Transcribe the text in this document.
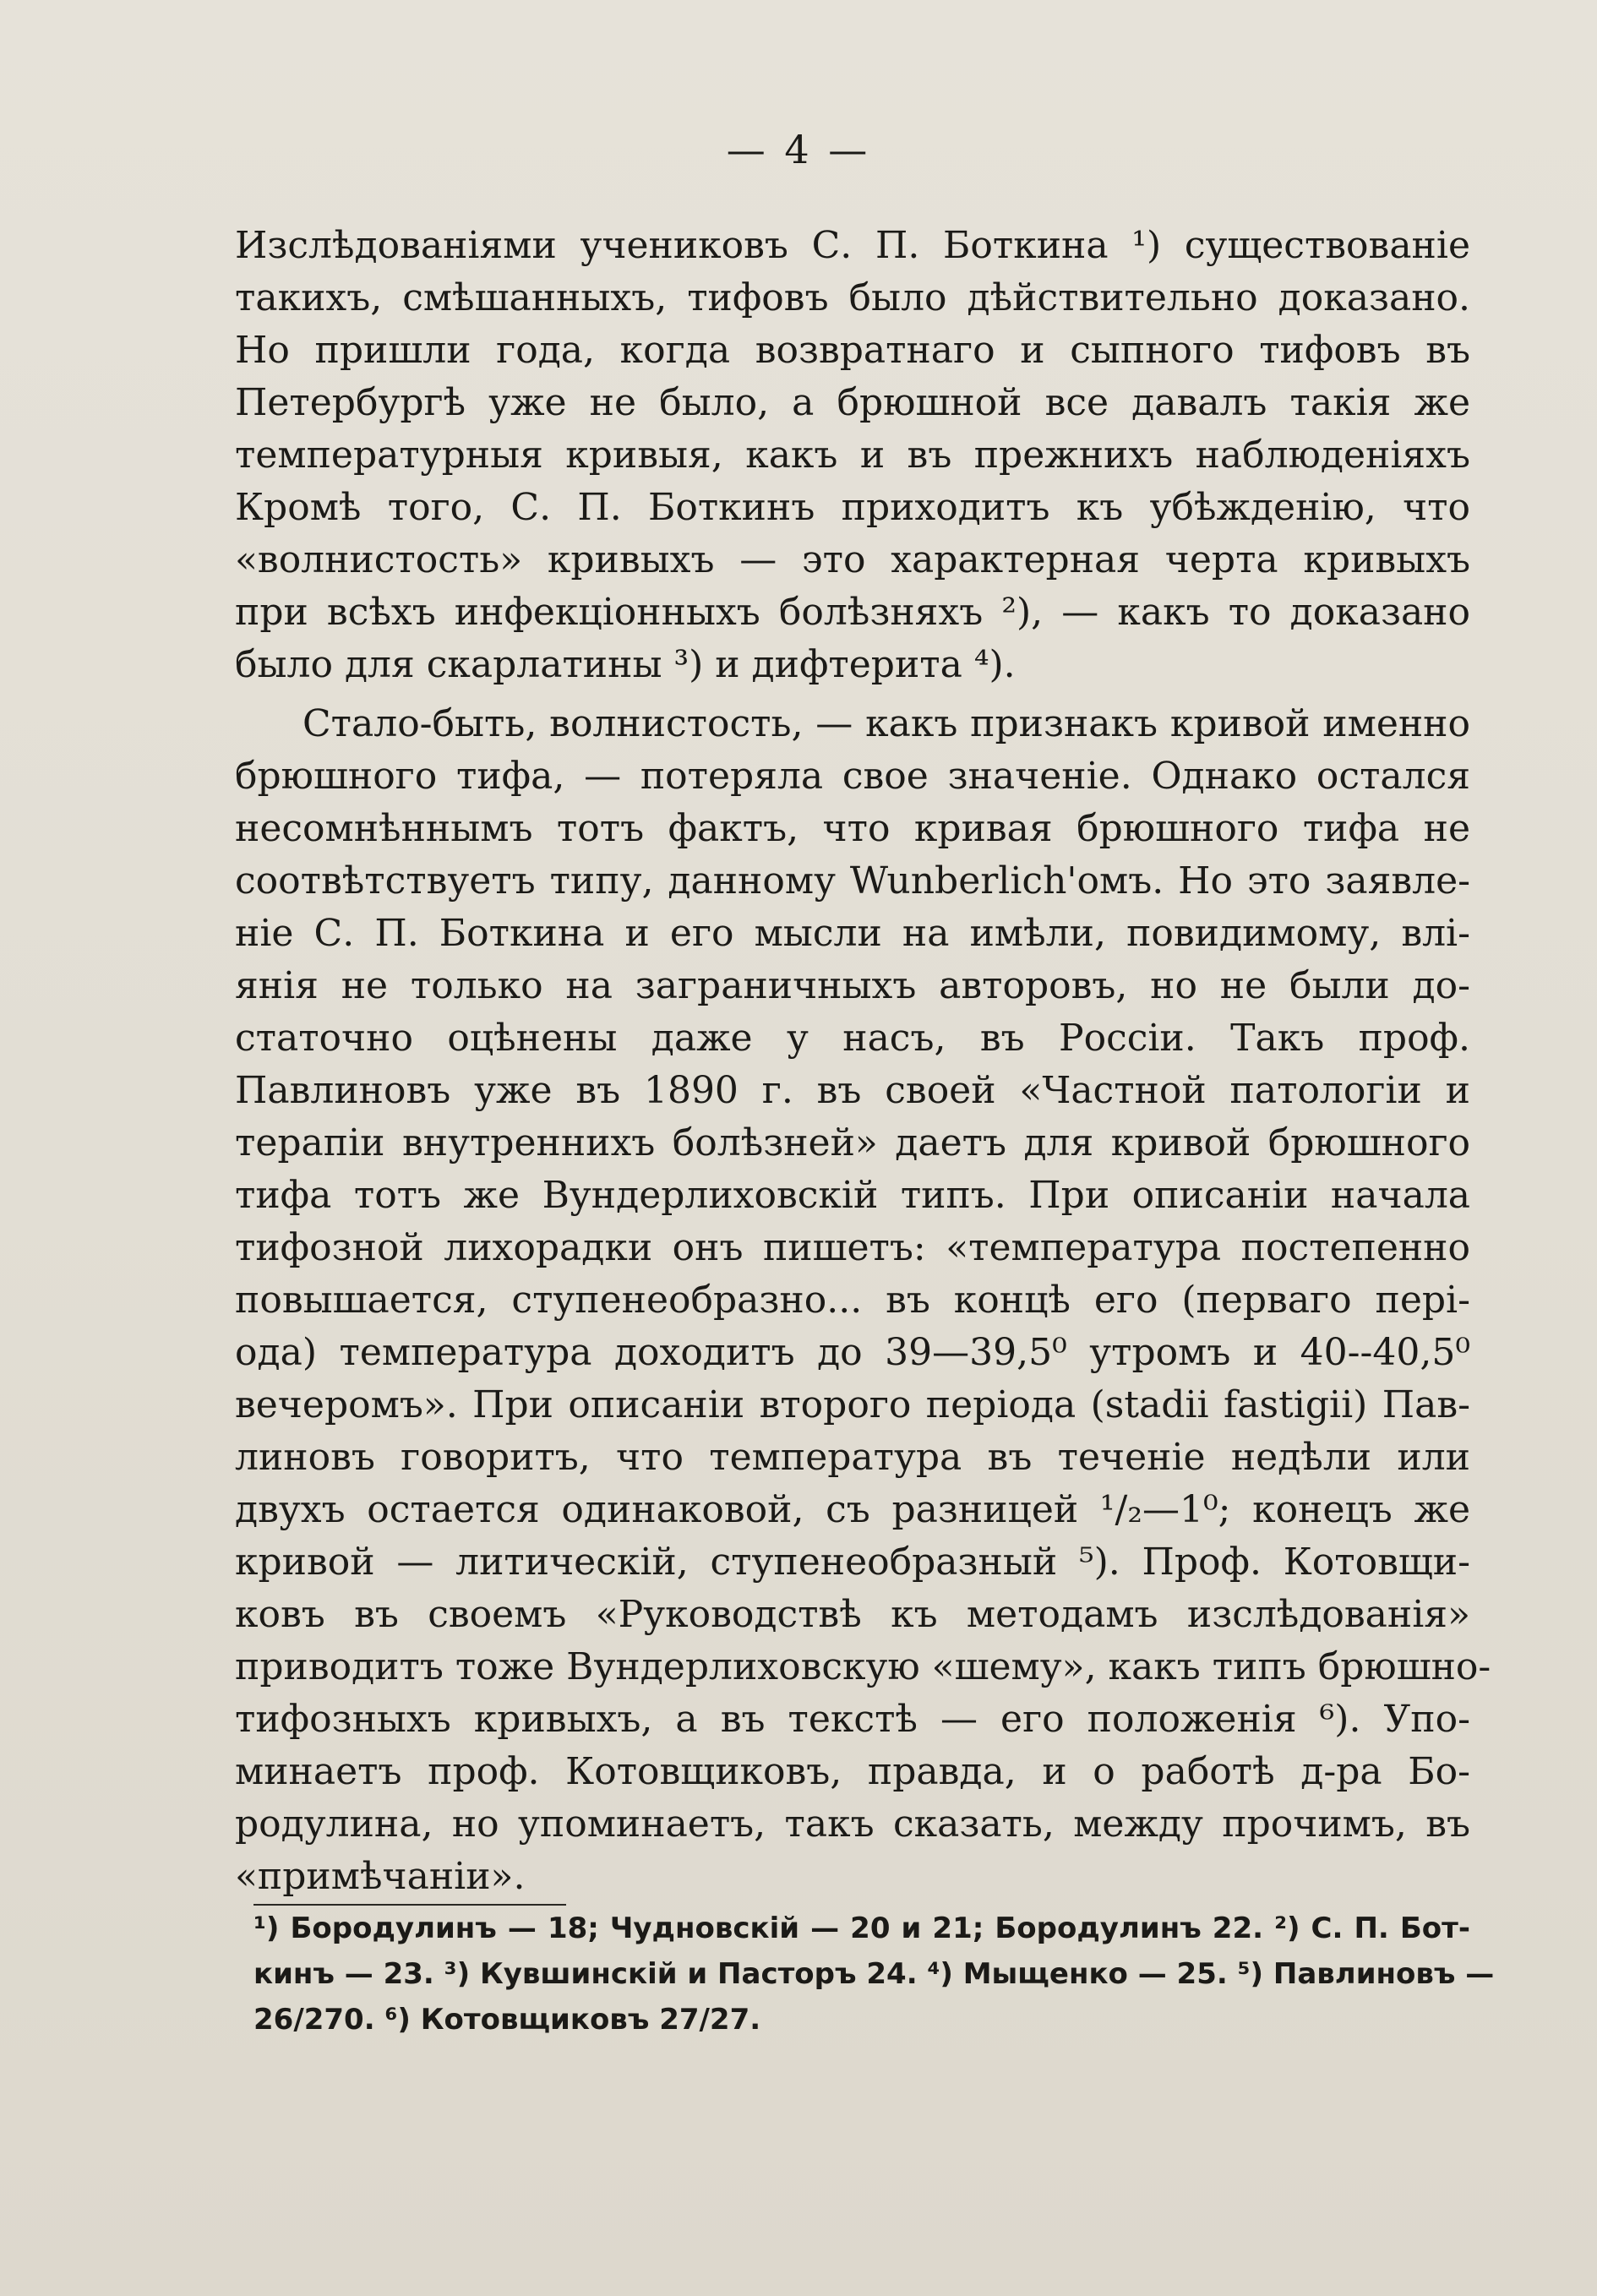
— 4 —
Изслѣдованіями учениковъ С. П. Боткина ¹) существованіе
такихъ, смѣшанныхъ, тифовъ было дѣйствительно доказано.
Но пришли года, когда возвратнаго и сыпного тифовъ въ
Петербургѣ уже не было, а брюшной все давалъ такія же
температурныя кривыя, какъ и въ прежнихъ наблюденіяхъ
Кромѣ того, С. П. Боткинъ приходитъ къ убѣжденію, что
«волнистость» кривыхъ — это характерная черта кривыхъ
при всѣхъ инфекціонныхъ болѣзняхъ ²), — какъ то доказано
было для скарлатины ³) и дифтерита ⁴).
Стало-быть, волнистость, — какъ признакъ кривой именно
брюшного тифа, — потеряла свое значеніе. Однако остался
несомнѣннымъ тотъ фактъ, что кривая брюшного тифа не
соотвѣтствуетъ типу, данному Wunberlich'омъ. Но это заявле-
ніе С. П. Боткина и его мысли на имѣли, повидимому, влі-
янія не только на заграничныхъ авторовъ, но не были до-
статочно оцѣнены даже у насъ, въ Россіи. Такъ проф.
Павлиновъ уже въ 1890 г. въ своей «Частной патологіи и
терапіи внутреннихъ болѣзней» даетъ для кривой брюшного
тифа тотъ же Вундерлиховскій типъ. При описаніи начала
тифозной лихорадки онъ пишетъ: «температура постепенно
повышается, ступенеобразно... въ концѣ его (перваго пері-
ода) температура доходитъ до 39—39,5⁰ утромъ и 40--40,5⁰
вечеромъ». При описаніи второго періода (stadii fastigii) Пав-
линовъ говоритъ, что температура въ теченіе недѣли или
двухъ остается одинаковой, съ разницей ¹/₂—1⁰; конецъ же
кривой — литическій, ступенеобразный ⁵). Проф. Котовщи-
ковъ въ своемъ «Руководствѣ къ методамъ изслѣдованія»
приводитъ тоже Вундерлиховскую «шему», какъ типъ брюшно-
тифозныхъ кривыхъ, а въ текстѣ — его положенія ⁶). Упо-
минаетъ проф. Котовщиковъ, правда, и о работѣ д-ра Бо-
родулина, но упоминаетъ, такъ сказать, между прочимъ, въ
«примѣчаніи».
¹) Бородулинъ — 18; Чудновскій — 20 и 21; Бородулинъ 22. ²) С. П. Бот-
кинъ — 23. ³) Кувшинскій и Пасторъ 24. ⁴) Мыщенко — 25. ⁵) Павлиновъ —
26/270. ⁶) Котовщиковъ 27/27.
